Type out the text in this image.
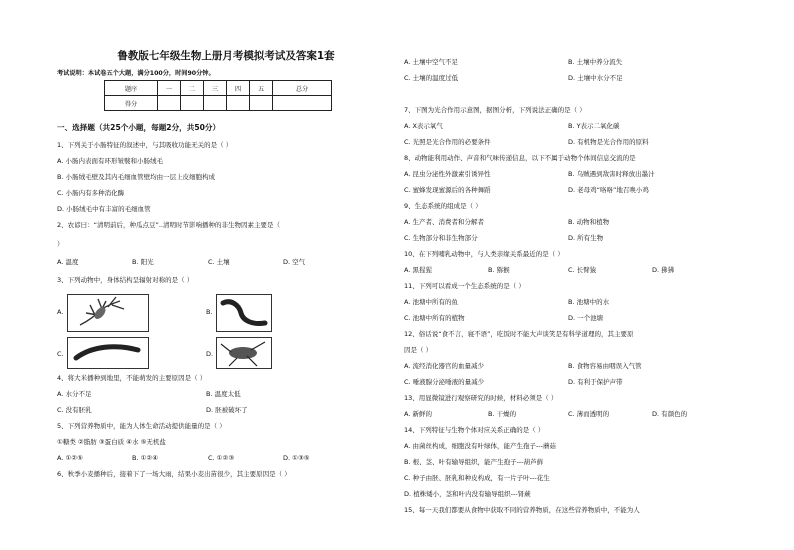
鲁教版七年级生物上册月考模拟考试及答案1套
考试说明：本试卷五个大题，满分100分，时间90分钟。
题序	一	二	三	四	五	总分
得分						
一、选择题（共25个小题，每题2分，共50分）
1、下列关于小肠特征的叙述中，与其吸收功能无关的是（ ）
A. 小肠内表面有环形皱襞和小肠绒毛
B. 小肠绒毛壁及其内毛细血管壁均由一层上皮细胞构成
C. 小肠内有多种消化酶
D. 小肠绒毛中有丰富的毛细血管
2、农谚曰：“清明前后，种瓜点豆”..清明时节影响播种的非生物因素主要是（
）
3、下列动物中，身体结构呈辐射对称的是（ ）
4、将大米播种到地里，不能萌发的主要原因是（ ）
5、下列营养物质中，能为人体生命活动提供能量的是（ ）
①糖类 ②脂肪 ③蛋白质 ④水 ⑤无机盐
6、秋季小麦播种后，接着下了一场大雨，结果小麦出苗很少，其主要原因是（ ）
A. 温度	B. 阳光	C. 土壤	D. 空气
A.	B.
C.	D.
A. 水分不足	B. 温度太低
C. 没有胚乳	D. 胚被破坏了
A. ①②⑤	B. ①②④	C. ①②③	D. ①③⑤
7、下图为光合作用示意图，据图分析，下列说法正确的是（ ）
A. X表示氧气
C. 光照是光合作用的必要条件
8、动物能利用动作、声音和气味传递信息，以下不属于动物个体间信息交流的是
A. 昆虫分泌性外激素引诱异性
C. 蜜蜂发现蜜源后的各种舞蹈
9、生态系统的组成是（ ）
A. 生产者、消费者和分解者
C. 生物部分和非生物部分
10、在下列哺乳动物中，与人类亲缘关系最近的是（ ）
A. 黑猩猩
11、下列可以看成一个生态系统的是（ ）
A. 池塘中所有的鱼
C. 池塘中所有的植物
12、俗话说“食不言，寝不语”，吃饭时不能大声谈笑是有科学道理的，其主要原
因是（ ）
A. 流经消化器官的血量减少
C. 唾液腺分泌唾液的量减少
13、用显微镜进行观察研究的时候，材料必须是（ ）
A. 新鲜的
14、下列特征与生物个体对应关系正确的是（ ）
A. 由菌丝构成，细胞没有叶绿体，能产生孢子---蘑菇
B. 根、茎、叶有输导组织，能产生孢子---葫芦藓
C. 种子由胚、胚乳和种皮构成，有一片子叶---花生
D. 植株矮小，茎和叶内没有输导组织---肾蕨
15、每一天我们都要从食物中获取不同的营养物质，在这些营养物质中，不能为人
A. 土壤中空气不足	B. 土壤中养分流失
C. 土壤的温度过低	D. 土壤中水分不足
B. Y表示二氧化碳
D. 有机物是光合作用的原料
B. 乌贼遇到敌害时释放出墨汁
D. 老母鸡“咯咯”地召唤小鸡
B. 动物和植物
D. 所有生物
B. 猕猴	C. 长臂猿	D. 狒狒
B. 池塘中的水
D. 一个池塘
B. 食物容易由咽误入气管
D. 有利于保护声带
B. 干燥的	C. 薄而透明的	D. 有颜色的
